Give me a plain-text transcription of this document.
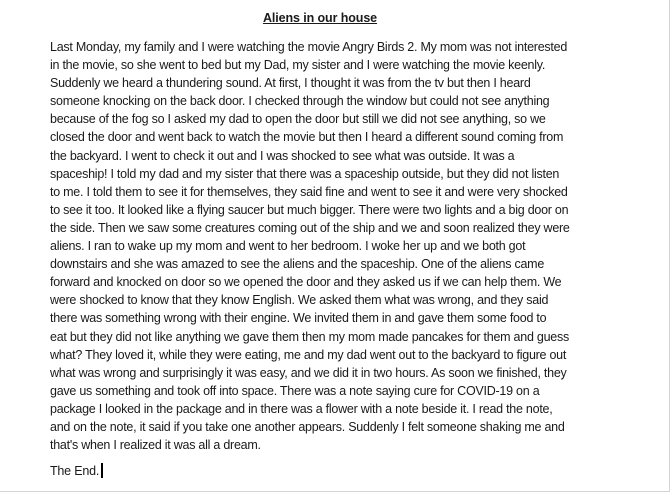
Aliens in our house
Last Monday, my family and I were watching the movie Angry Birds 2. My mom was not interested
in the movie, so she went to bed but my Dad, my sister and I were watching the movie keenly.
Suddenly we heard a thundering sound. At first, I thought it was from the tv but then I heard
someone knocking on the back door. I checked through the window but could not see anything
because of the fog so I asked my dad to open the door but still we did not see anything, so we
closed the door and went back to watch the movie but then I heard a different sound coming from
the backyard. I went to check it out and I was shocked to see what was outside. It was a
spaceship! I told my dad and my sister that there was a spaceship outside, but they did not listen
to me. I told them to see it for themselves, they said fine and went to see it and were very shocked
to see it too. It looked like a flying saucer but much bigger. There were two lights and a big door on
the side. Then we saw some creatures coming out of the ship and we and soon realized they were
aliens. I ran to wake up my mom and went to her bedroom. I woke her up and we both got
downstairs and she was amazed to see the aliens and the spaceship. One of the aliens came
forward and knocked on door so we opened the door and they asked us if we can help them. We
were shocked to know that they know English. We asked them what was wrong, and they said
there was something wrong with their engine. We invited them in and gave them some food to
eat but they did not like anything we gave them then my mom made pancakes for them and guess
what? They loved it, while they were eating, me and my dad went out to the backyard to figure out
what was wrong and surprisingly it was easy, and we did it in two hours. As soon we finished, they
gave us something and took off into space. There was a note saying cure for COVID-19 on a
package I looked in the package and in there was a flower with a note beside it. I read the note,
and on the note, it said if you take one another appears. Suddenly I felt someone shaking me and
that's when I realized it was all a dream.
The End.
